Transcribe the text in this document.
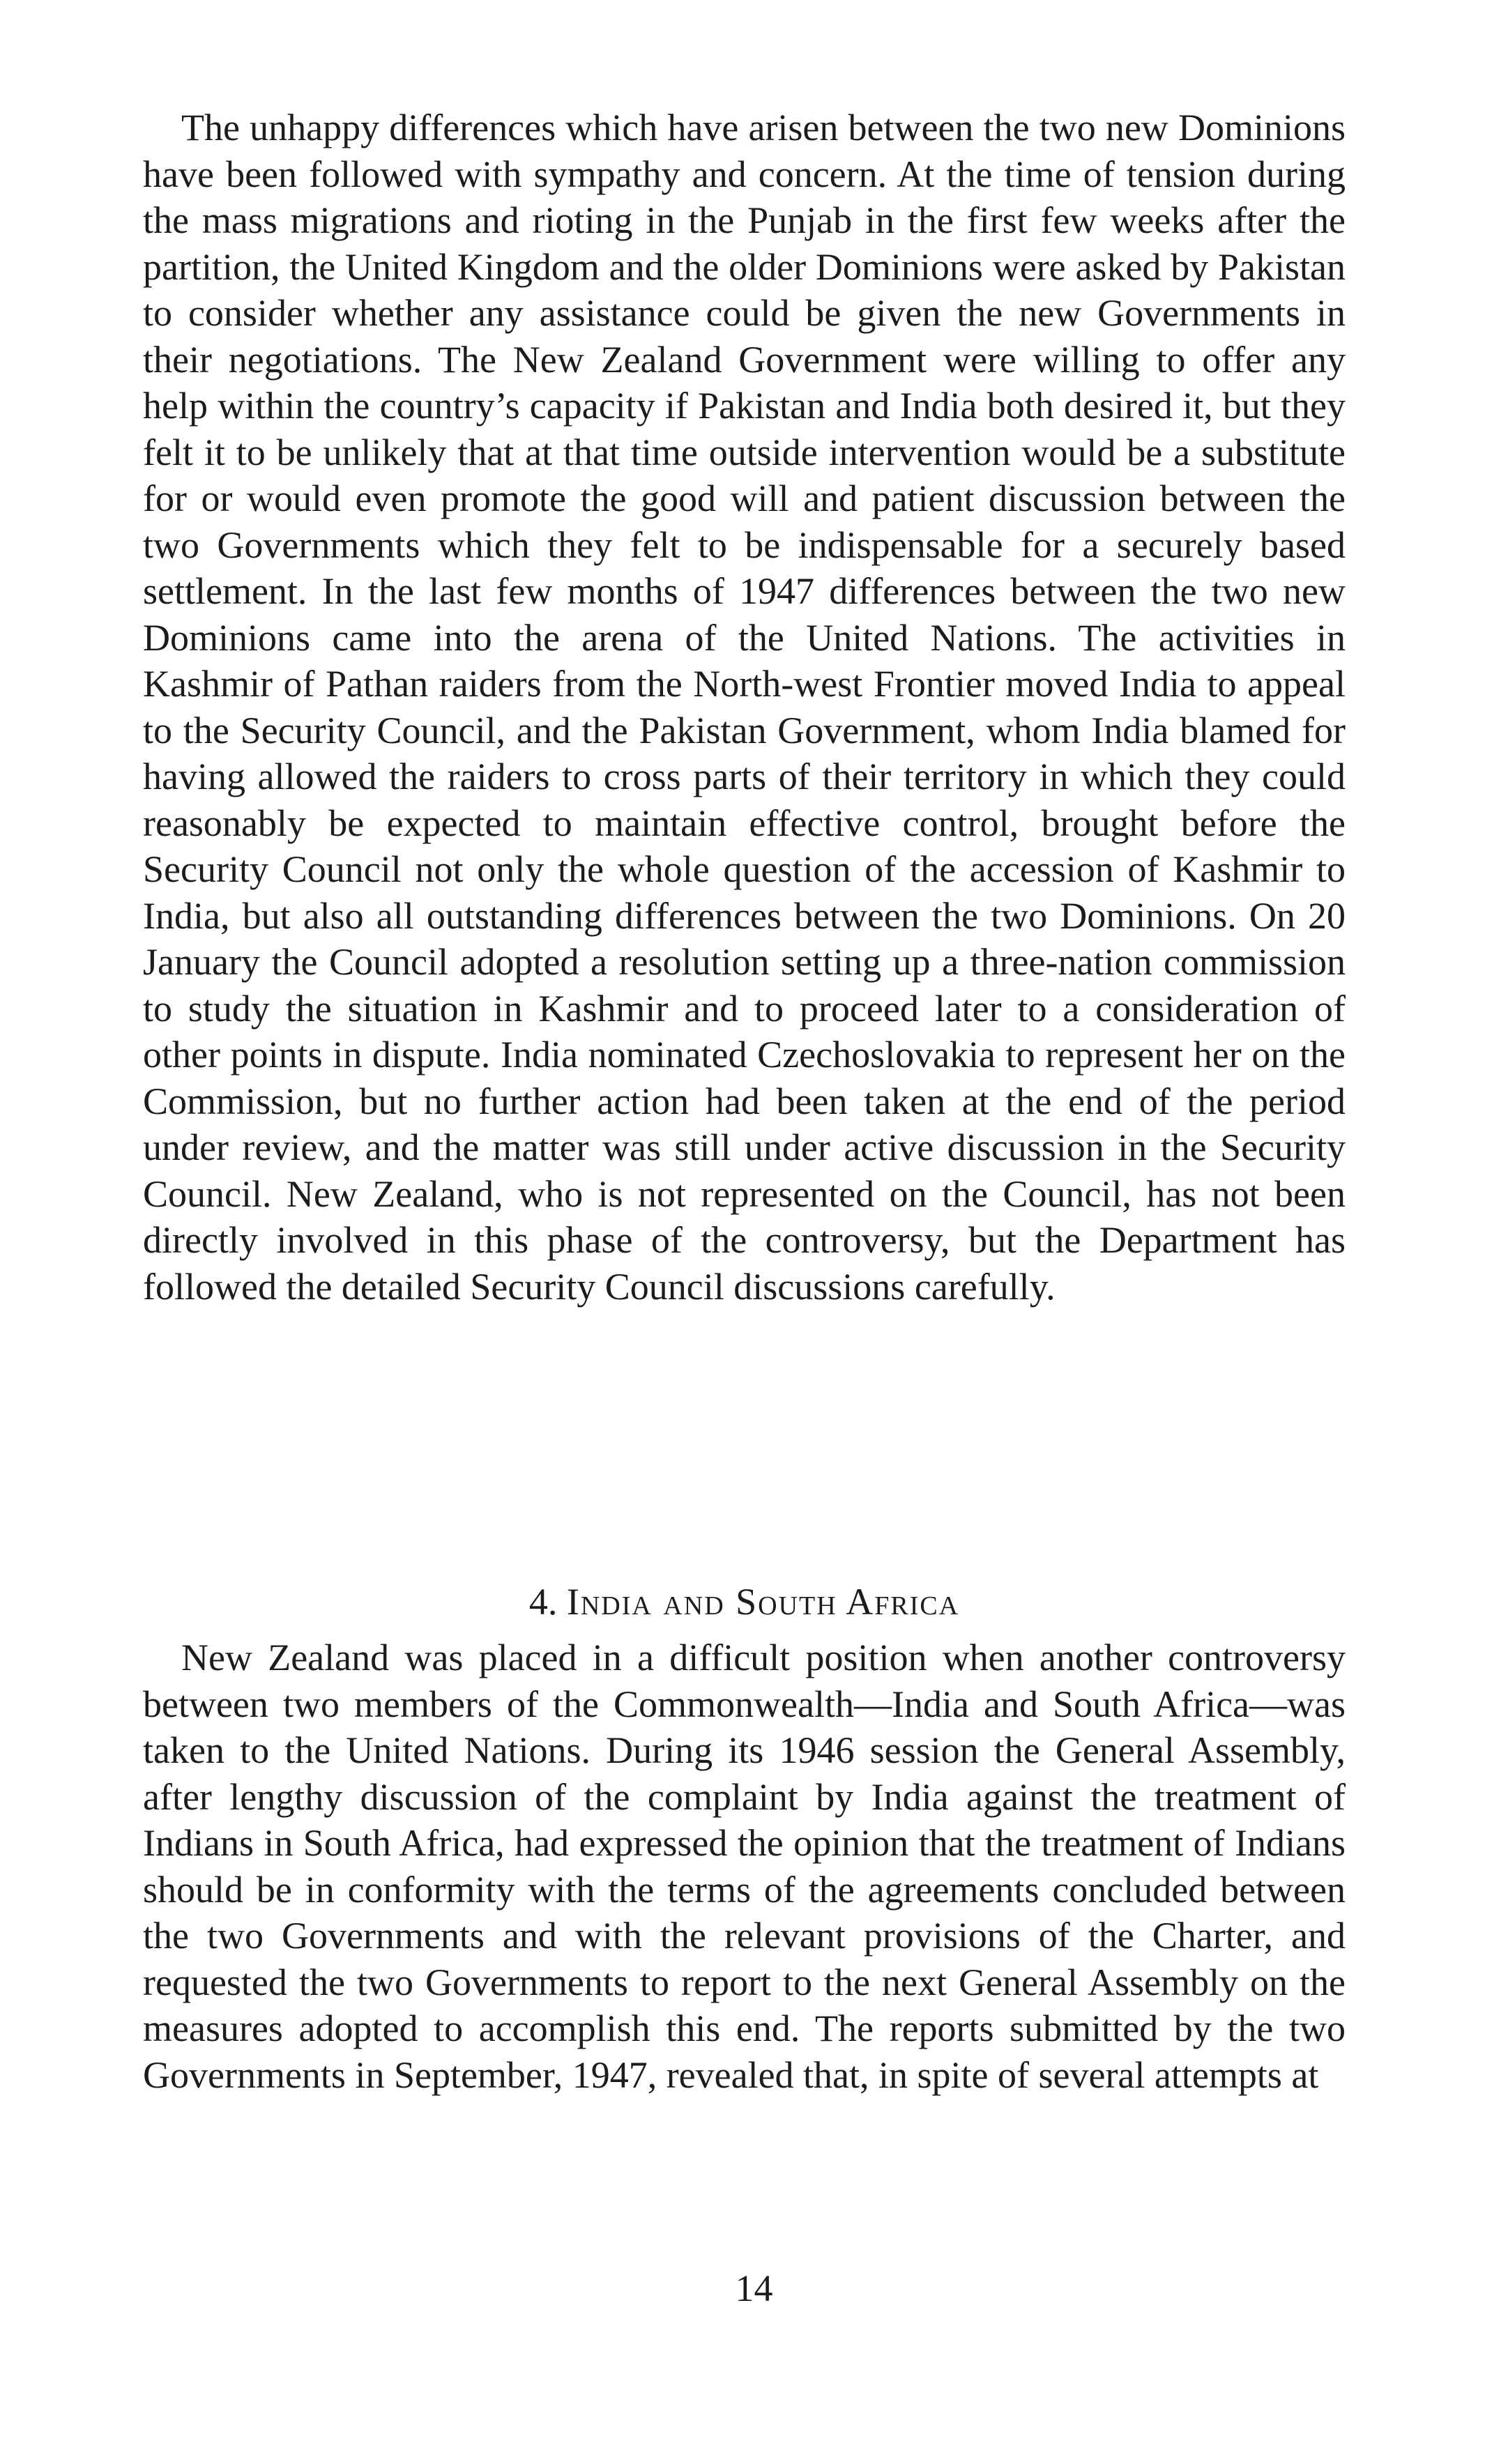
The unhappy differences which have arisen between the two new Dominions have been followed with sympathy and concern. At the time of tension during the mass migrations and rioting in the Punjab in the first few weeks after the partition, the United Kingdom and the older Dominions were asked by Pakistan to consider whether any assistance could be given the new Governments in their negotiations. The New Zealand Government were willing to offer any help within the country’s capacity if Pakistan and India both desired it, but they felt it to be unlikely that at that time outside intervention would be a substitute for or would even promote the good will and patient discussion between the two Governments which they felt to be indispensable for a securely based settlement. In the last few months of 1947 differences between the two new Dominions came into the arena of the United Nations. The activities in Kashmir of Pathan raiders from the North-west Frontier moved India to appeal to the Security Council, and the Pakistan Government, whom India blamed for having allowed the raiders to cross parts of their territory in which they could reasonably be expected to maintain effective control, brought before the Security Council not only the whole question of the accession of Kashmir to India, but also all outstanding differences between the two Dominions. On 20 January the Council adopted a resolution setting up a three-nation commission to study the situation in Kashmir and to proceed later to a consideration of other points in dispute. India nominated Czechoslovakia to represent her on the Commission, but no further action had been taken at the end of the period under review, and the matter was still under active discussion in the Security Council. New Zealand, who is not represented on the Council, has not been directly involved in this phase of the controversy, but the Department has followed the detailed Security Council discussions carefully.

4. India and South Africa

New Zealand was placed in a difficult position when another controversy between two members of the Commonwealth—India and South Africa—was taken to the United Nations. During its 1946 session the General Assembly, after lengthy discussion of the complaint by India against the treatment of Indians in South Africa, had expressed the opinion that the treatment of Indians should be in conformity with the terms of the agreements concluded between the two Governments and with the relevant provisions of the Charter, and requested the two Governments to report to the next General Assembly on the measures adopted to accomplish this end. The reports submitted by the two Governments in September, 1947, revealed that, in spite of several attempts at

14
